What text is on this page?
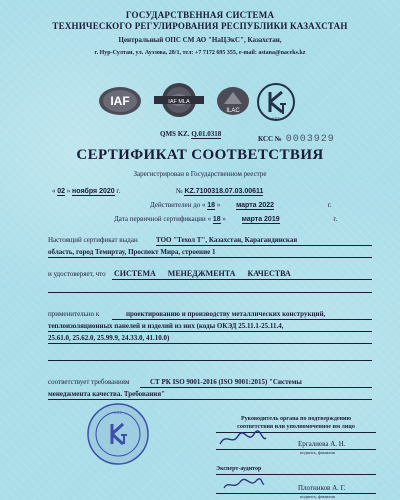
ГОСУДАРСТВЕННАЯ СИСТЕМА
ТЕХНИЧЕСКОГО РЕГУЛИРОВАНИЯ РЕСПУБЛИКИ КАЗАХСТАН
Центральный ОПС СМ АО "НаЦЭкС", Казахстан,
г. Нур-Султан, ул. Ауэзова, 28/1, тел: +7 7172 695 355, e-mail: astana@naceks.kz
IAF	IAF MLA
ILAC
KST
QMS KZ. Q.01.0318
КСС № 0003929
СЕРТИФИКАТ СООТВЕТСТВИЯ
Зарегистрирован в Государственном реестре
« 02 » ноября 2020 г.	№ KZ.7100318.07.03.00611
Действителен до « 18 » марта 2022	г.
Дата первичной сертификации « 18 » марта 2019	г.
Настоящий сертификат выдан	ТОО "Техол Т", Казахстан, Карагандинская
область, город Темиртау, Проспект Мира, строение 1
и удостоверяет, что СИСТЕМА МЕНЕДЖМЕНТА КАЧЕСТВА
применительно к	проектированию и производству металлических конструкций,
теплоизоляционных панелей и изделий из них (коды ОКЭД 25.11.1-25.11.4,
25.61.0, 25.62.0, 25.99.9, 24.33.0, 41.10.0)
соответствует требованиям	СТ РК ISO 9001-2016 (ISO 9001:2015) "Системы
менеджмента качества. Требования"
KST
Руководитель органа по подтверждению
соответствия или уполномоченное им лицо
Ергалиева А. Н.
подпись, фамилия
Эксперт-аудитор
Плотников А. Г.
подпись, фамилия
